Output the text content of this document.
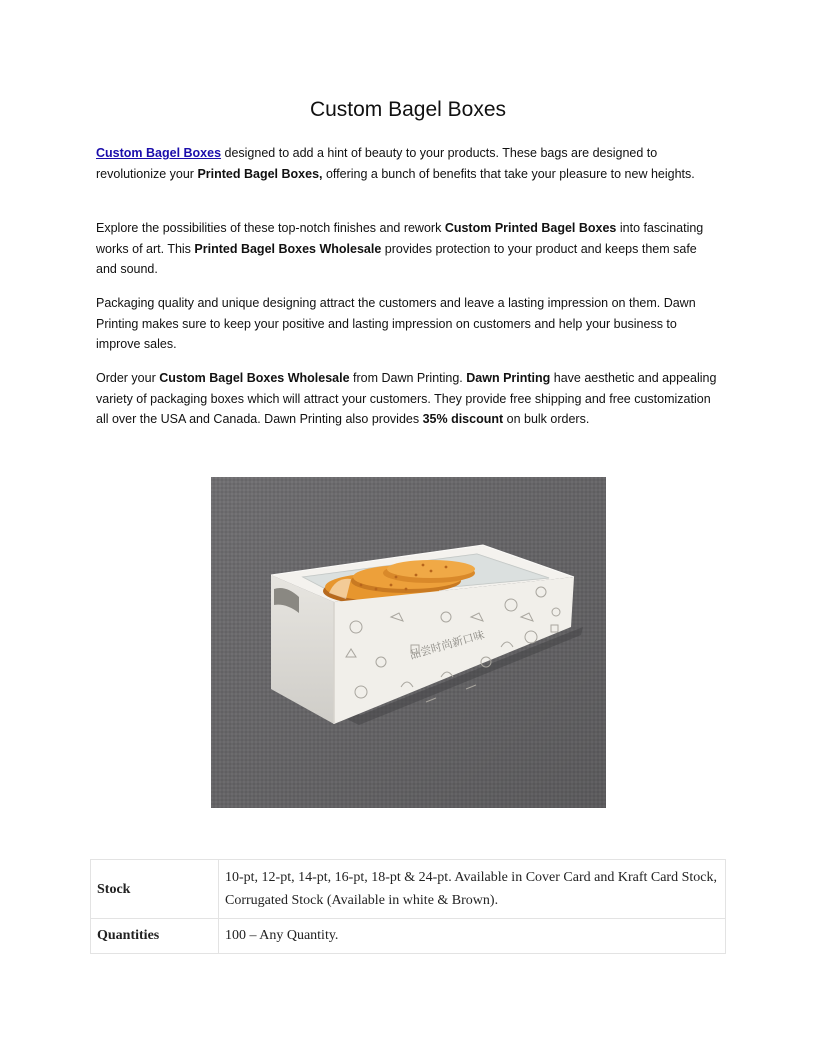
Custom Bagel Boxes

Custom Bagel Boxes designed to add a hint of beauty to your products. These bags are designed to revolutionize your Printed Bagel Boxes, offering a bunch of benefits that take your pleasure to new heights.

Explore the possibilities of these top-notch finishes and rework Custom Printed Bagel Boxes into fascinating works of art. This Printed Bagel Boxes Wholesale provides protection to your product and keeps them safe and sound.

Packaging quality and unique designing attract the customers and leave a lasting impression on them. Dawn Printing makes sure to keep your positive and lasting impression on customers and help your business to improve sales.

Order your Custom Bagel Boxes Wholesale from Dawn Printing. Dawn Printing have aesthetic and appealing variety of packaging boxes which will attract your customers. They provide free shipping and free customization all over the USA and Canada. Dawn Printing also provides 35% discount on bulk orders.

品尝时尚新口味
Stock	10-pt, 12-pt, 14-pt, 16-pt, 18-pt & 24-pt. Available in Cover Card and Kraft Card Stock, Corrugated Stock (Available in white & Brown).
Quantities	100 – Any Quantity.
